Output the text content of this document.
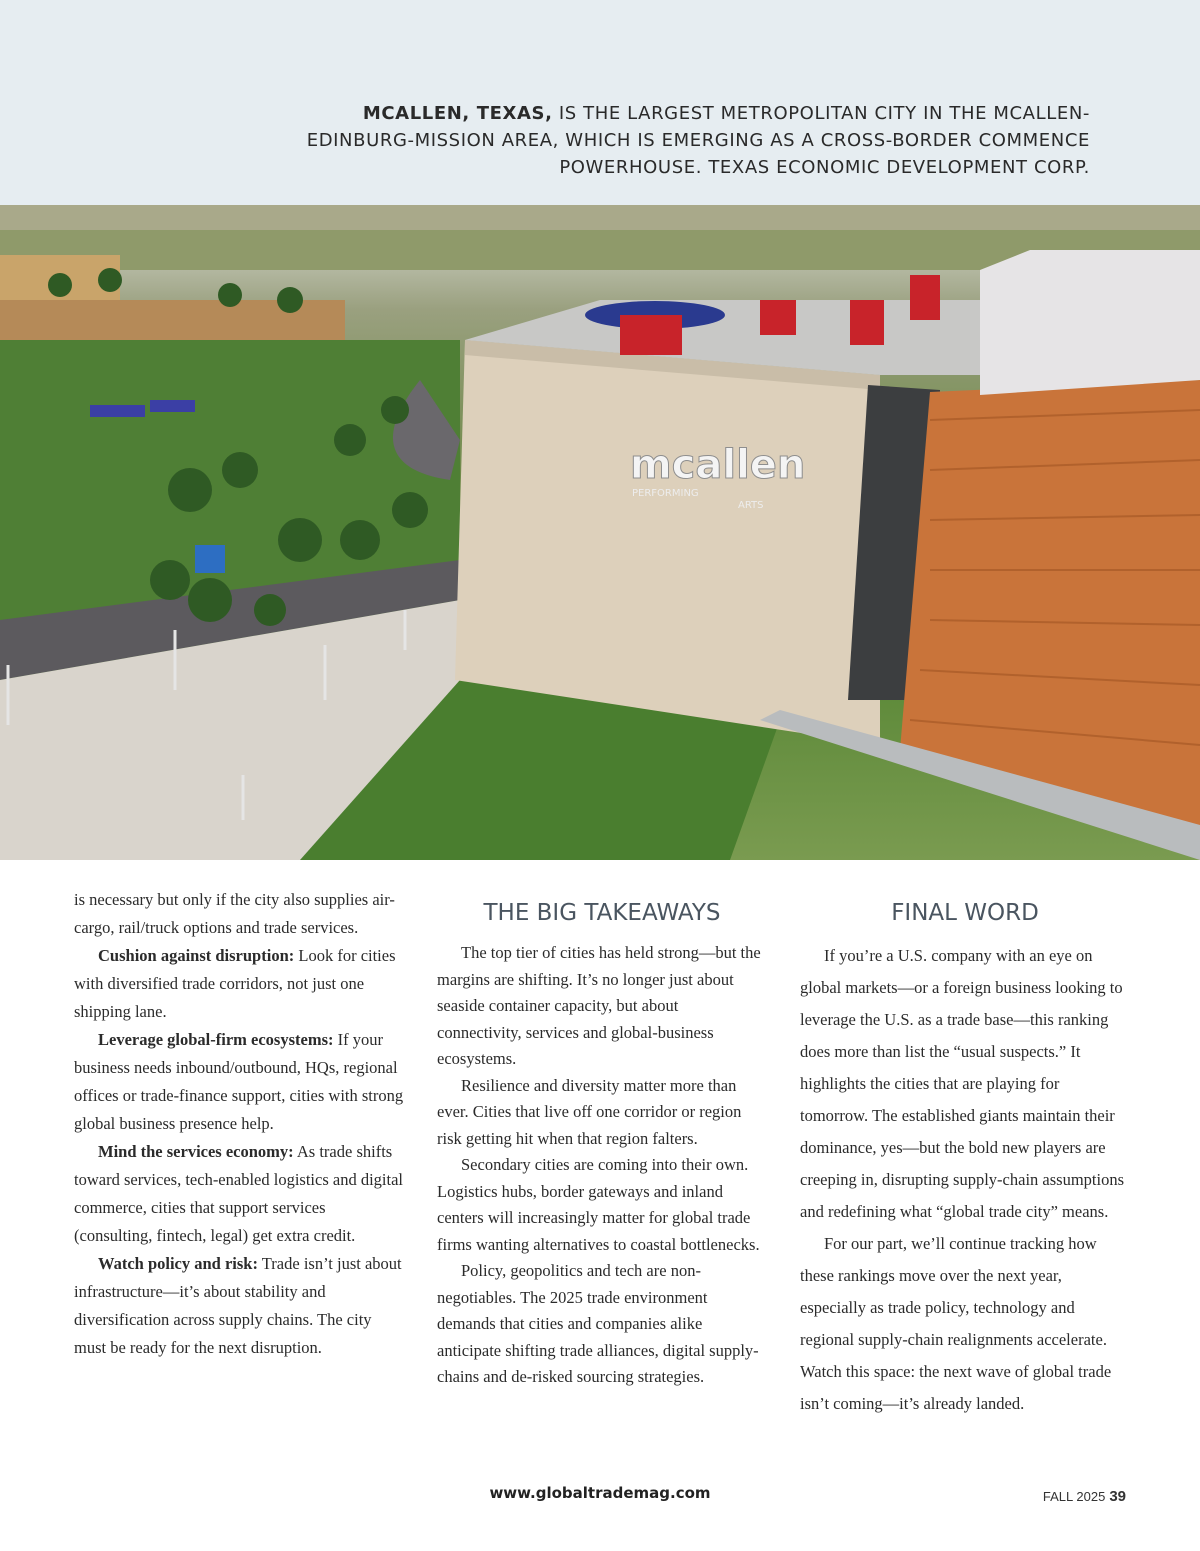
mcallen
PERFORMING
ARTS
MCALLEN, TEXAS, IS THE LARGEST METROPOLITAN CITY IN THE MCALLEN-EDINBURG-MISSION AREA, WHICH IS EMERGING AS A CROSS-BORDER COMMENCE POWERHOUSE. TEXAS ECONOMIC DEVELOPMENT CORP.

is necessary but only if the city also supplies air-cargo, rail/truck options and trade services.

Cushion against disruption: Look for cities with diversified trade corridors, not just one shipping lane.

Leverage global-firm ecosystems: If your business needs inbound/outbound, HQs, regional offices or trade-finance support, cities with strong global business presence help.

Mind the services economy: As trade shifts toward services, tech-enabled logistics and digital commerce, cities that support services (consulting, fintech, legal) get extra credit.

Watch policy and risk: Trade isn’t just about infrastructure—it’s about stability and diversification across supply chains. The city must be ready for the next disruption.

THE BIG TAKEAWAYS

The top tier of cities has held strong—but the margins are shifting. It’s no longer just about seaside container capacity, but about connectivity, services and global-business ecosystems.

Resilience and diversity matter more than ever. Cities that live off one corridor or region risk getting hit when that region falters.

Secondary cities are coming into their own. Logistics hubs, border gateways and inland centers will increasingly matter for global trade firms wanting alternatives to coastal bottlenecks.

Policy, geopolitics and tech are non-negotiables. The 2025 trade environment demands that cities and companies alike anticipate shifting trade alliances, digital supply-chains and de-risked sourcing strategies.

FINAL WORD

If you’re a U.S. company with an eye on global markets—or a foreign business looking to leverage the U.S. as a trade base—this ranking does more than list the “usual suspects.” It highlights the cities that are playing for tomorrow. The established giants maintain their dominance, yes—but the bold new players are creeping in, disrupting supply-chain assumptions and redefining what “global trade city” means.

For our part, we’ll continue tracking how these rankings move over the next year, especially as trade policy, technology and regional supply-chain realignments accelerate. Watch this space: the next wave of global trade isn’t coming—it’s already landed.

www.globaltrademag.com	FALL 2025 39
